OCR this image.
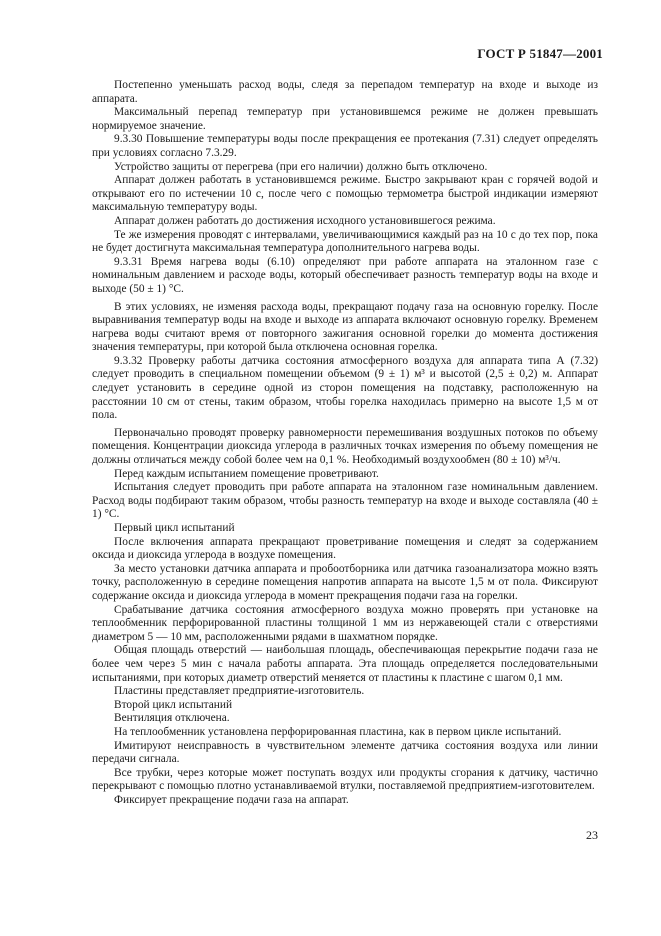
ГОСТ Р 51847—2001

Постепенно уменьшать расход воды, следя за перепадом температур на входе и выходе из аппарата.

Максимальный перепад температур при установившемся режиме не должен превышать нормируемое значение.

9.3.30 Повышение температуры воды после прекращения ее протекания (7.31) следует определять при условиях согласно 7.3.29.

Устройство защиты от перегрева (при его наличии) должно быть отключено.

Аппарат должен работать в установившемся режиме. Быстро закрывают кран с горячей водой и открывают его по истечении 10 с, после чего с помощью термометра быстрой индикации измеряют максимальную температуру воды.

Аппарат должен работать до достижения исходного установившегося режима.

Те же измерения проводят с интервалами, увеличивающимися каждый раз на 10 с до тех пор, пока не будет достигнута максимальная температура дополнительного нагрева воды.

9.3.31 Время нагрева воды (6.10) определяют при работе аппарата на эталонном газе с номинальным давлением и расходе воды, который обеспечивает разность температур воды на входе и выходе (50 ± 1) °С.

В этих условиях, не изменяя расхода воды, прекращают подачу газа на основную горелку. После выравнивания температур воды на входе и выходе из аппарата включают основную горелку. Временем нагрева воды считают время от повторного зажигания основной горелки до момента достижения значения температуры, при которой была отключена основная горелка.

9.3.32 Проверку работы датчика состояния атмосферного воздуха для аппарата типа А (7.32) следует проводить в специальном помещении объемом (9 ± 1) м³ и высотой (2,5 ± 0,2) м. Аппарат следует установить в середине одной из сторон помещения на подставку, расположенную на расстоянии 10 см от стены, таким образом, чтобы горелка находилась примерно на высоте 1,5 м от пола.

Первоначально проводят проверку равномерности перемешивания воздушных потоков по объему помещения. Концентрации диоксида углерода в различных точках измерения по объему помещения не должны отличаться между собой более чем на 0,1 %. Необходимый воздухообмен (80 ± 10) м³/ч.

Перед каждым испытанием помещение проветривают.

Испытания следует проводить при работе аппарата на эталонном газе номинальным давлением. Расход воды подбирают таким образом, чтобы разность температур на входе и выходе составляла (40 ± 1) °С.

Первый цикл испытаний

После включения аппарата прекращают проветривание помещения и следят за содержанием оксида и диоксида углерода в воздухе помещения.

За место установки датчика аппарата и пробоотборника или датчика газоанализатора можно взять точку, расположенную в середине помещения напротив аппарата на высоте 1,5 м от пола. Фиксируют содержание оксида и диоксида углерода в момент прекращения подачи газа на горелки.

Срабатывание датчика состояния атмосферного воздуха можно проверять при установке на теплообменник перфорированной пластины толщиной 1 мм из нержавеющей стали с отверстиями диаметром 5 — 10 мм, расположенными рядами в шахматном порядке.

Общая площадь отверстий — наибольшая площадь, обеспечивающая перекрытие подачи газа не более чем через 5 мин с начала работы аппарата. Эта площадь определяется последовательными испытаниями, при которых диаметр отверстий меняется от пластины к пластине с шагом 0,1 мм.

Пластины представляет предприятие-изготовитель.

Второй цикл испытаний

Вентиляция отключена.

На теплообменник установлена перфорированная пластина, как в первом цикле испытаний.

Имитируют неисправность в чувствительном элементе датчика состояния воздуха или линии передачи сигнала.

Все трубки, через которые может поступать воздух или продукты сгорания к датчику, частично перекрывают с помощью плотно устанавливаемой втулки, поставляемой предприятием-изготовителем.

Фиксирует прекращение подачи газа на аппарат.

23
